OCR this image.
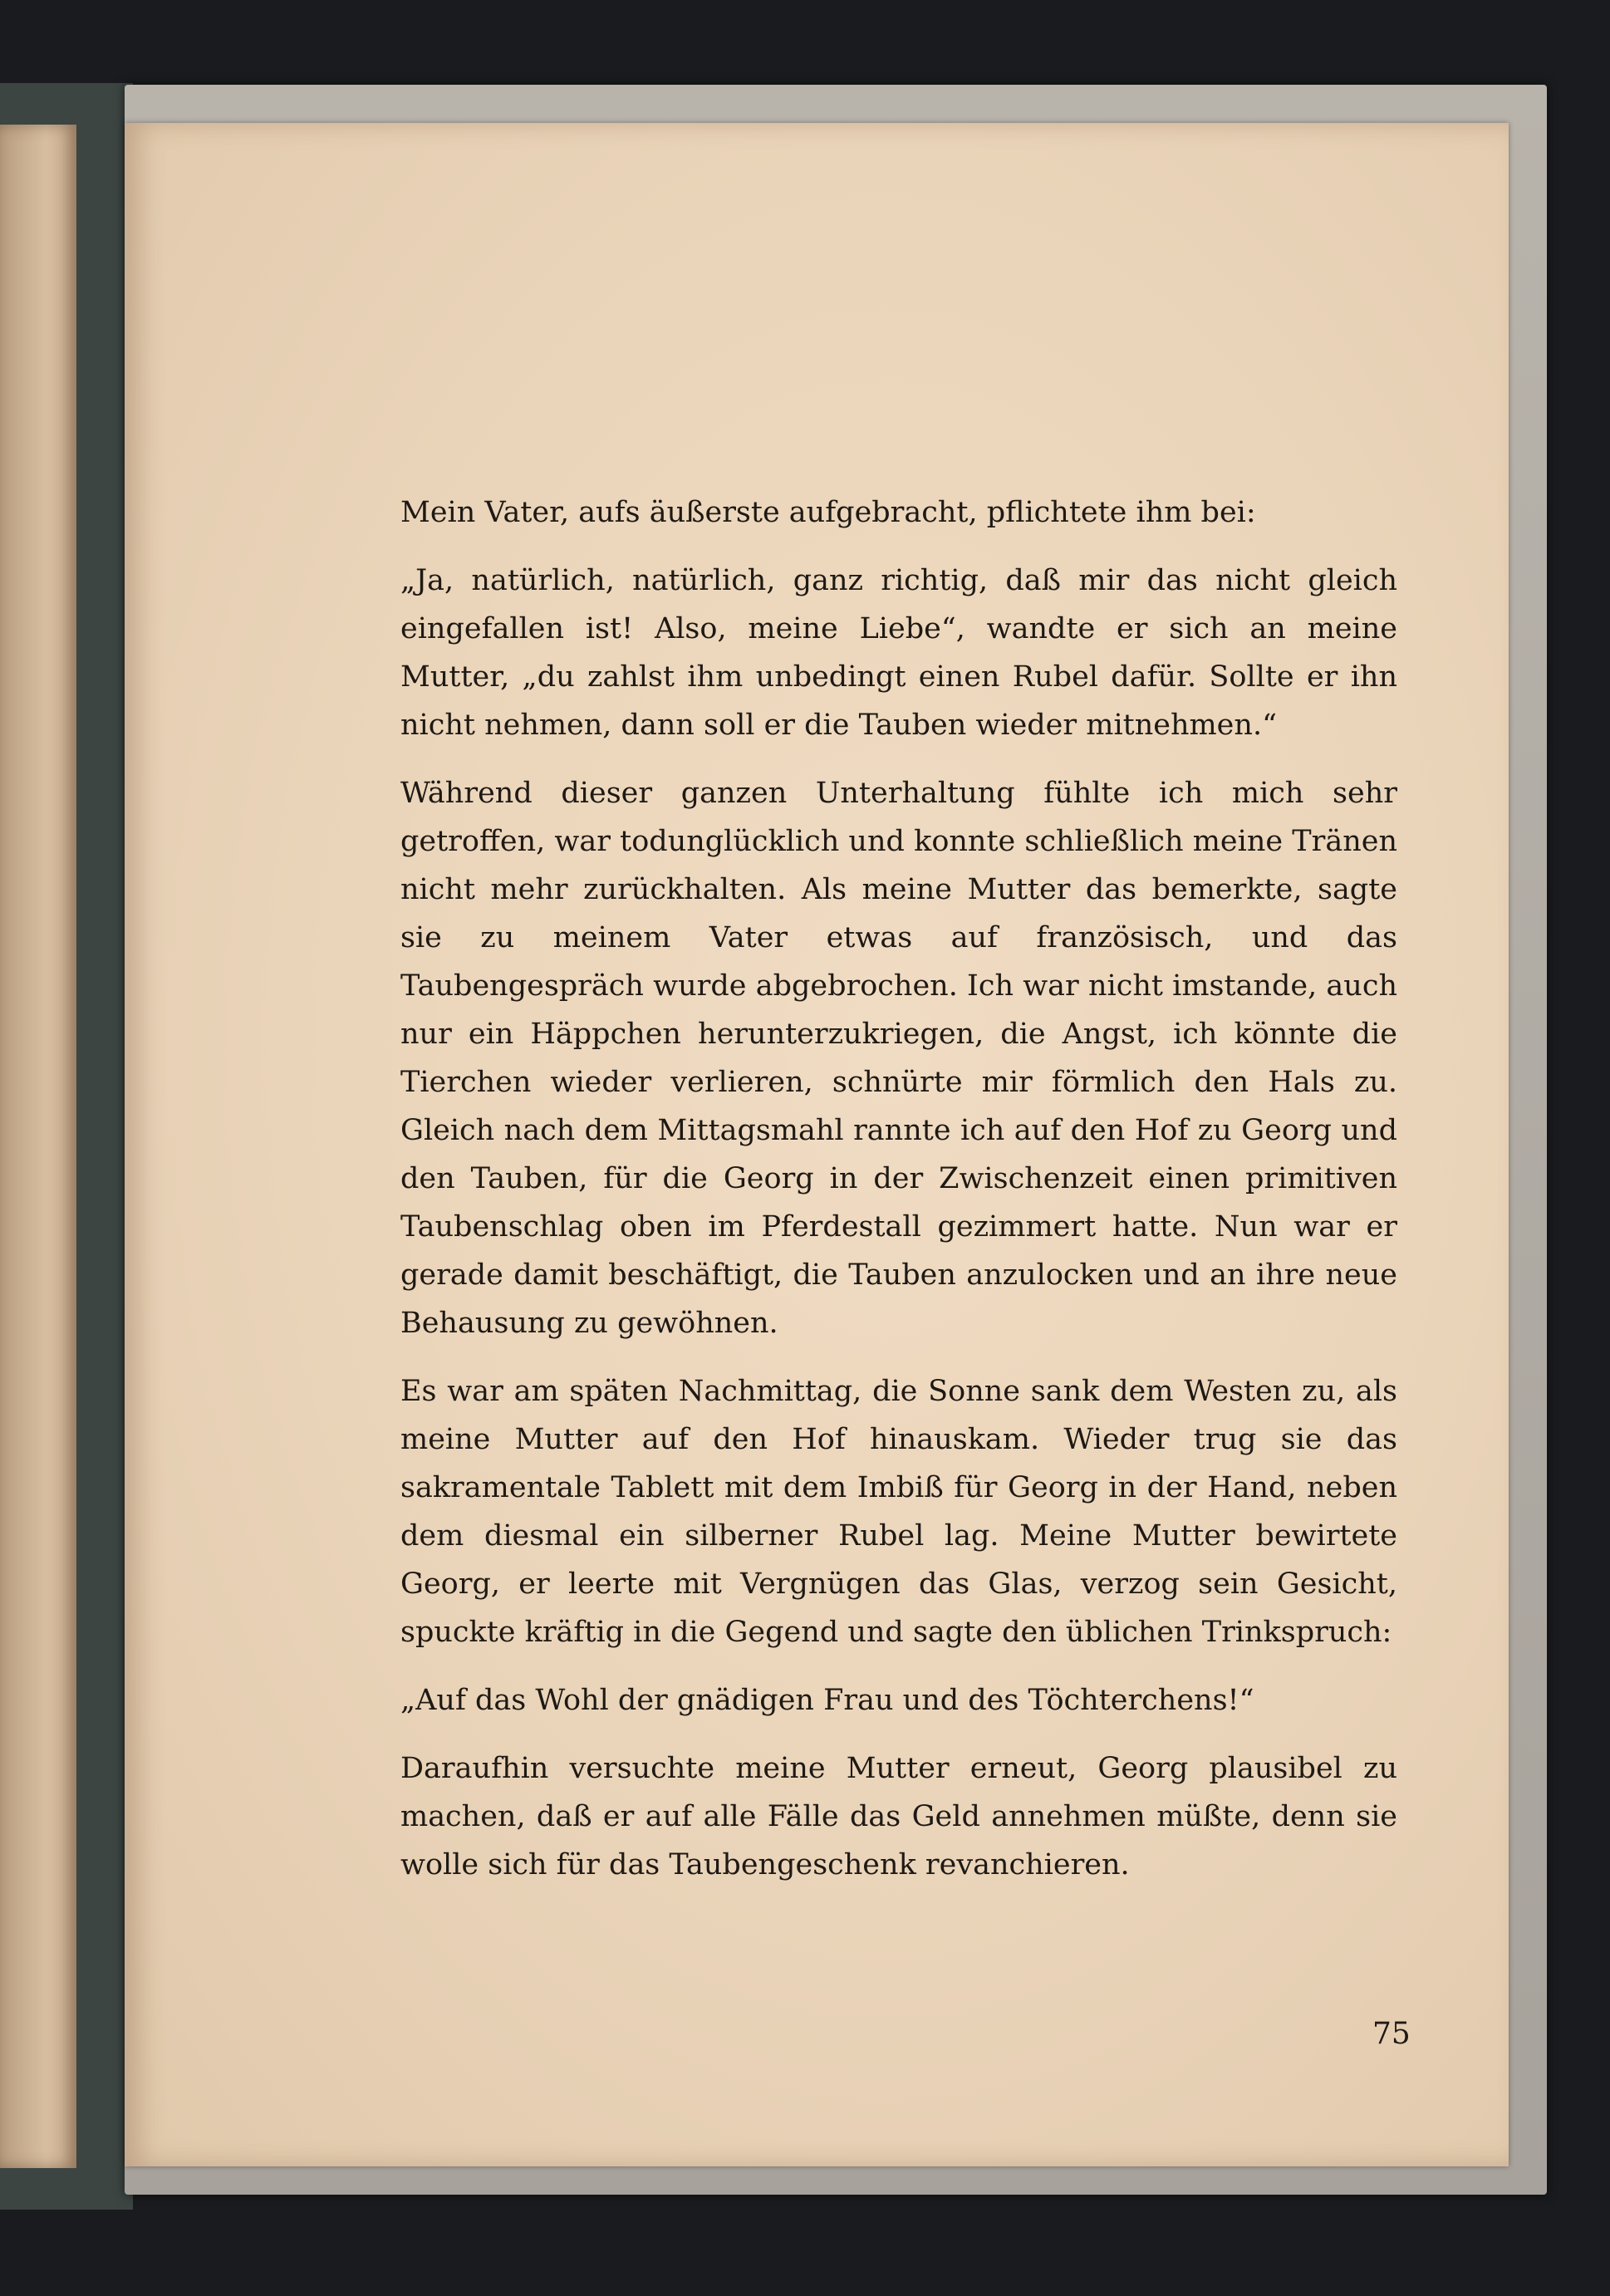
Mein Vater, aufs äußerste aufgebracht, pflichtete ihm bei:

„Ja, natürlich, natürlich, ganz richtig, daß mir das nicht gleich eingefallen ist! Also, meine Liebe“, wandte er sich an meine Mutter, „du zahlst ihm unbedingt einen Rubel dafür. Sollte er ihn nicht nehmen, dann soll er die Tauben wieder mitnehmen.“

Während dieser ganzen Unterhaltung fühlte ich mich sehr getroffen, war todunglücklich und konnte schließlich meine Tränen nicht mehr zurückhalten. Als meine Mutter das bemerkte, sagte sie zu meinem Vater etwas auf französisch, und das Taubengespräch wurde abgebrochen. Ich war nicht imstande, auch nur ein Häppchen herunterzukriegen, die Angst, ich könnte die Tierchen wieder verlieren, schnürte mir förmlich den Hals zu. Gleich nach dem Mittagsmahl rannte ich auf den Hof zu Georg und den Tauben, für die Georg in der Zwischenzeit einen primitiven Taubenschlag oben im Pferdestall gezimmert hatte. Nun war er gerade damit beschäftigt, die Tauben anzulocken und an ihre neue Behausung zu gewöhnen.

Es war am späten Nachmittag, die Sonne sank dem Westen zu, als meine Mutter auf den Hof hinauskam. Wieder trug sie das sakramentale Tablett mit dem Imbiß für Georg in der Hand, neben dem diesmal ein silberner Rubel lag. Meine Mutter bewirtete Georg, er leerte mit Vergnügen das Glas, verzog sein Gesicht, spuckte kräftig in die Gegend und sagte den üblichen Trinkspruch:

„Auf das Wohl der gnädigen Frau und des Töchterchens!“

Daraufhin versuchte meine Mutter erneut, Georg plausibel zu machen, daß er auf alle Fälle das Geld annehmen müßte, denn sie wolle sich für das Taubengeschenk revanchieren.

75
